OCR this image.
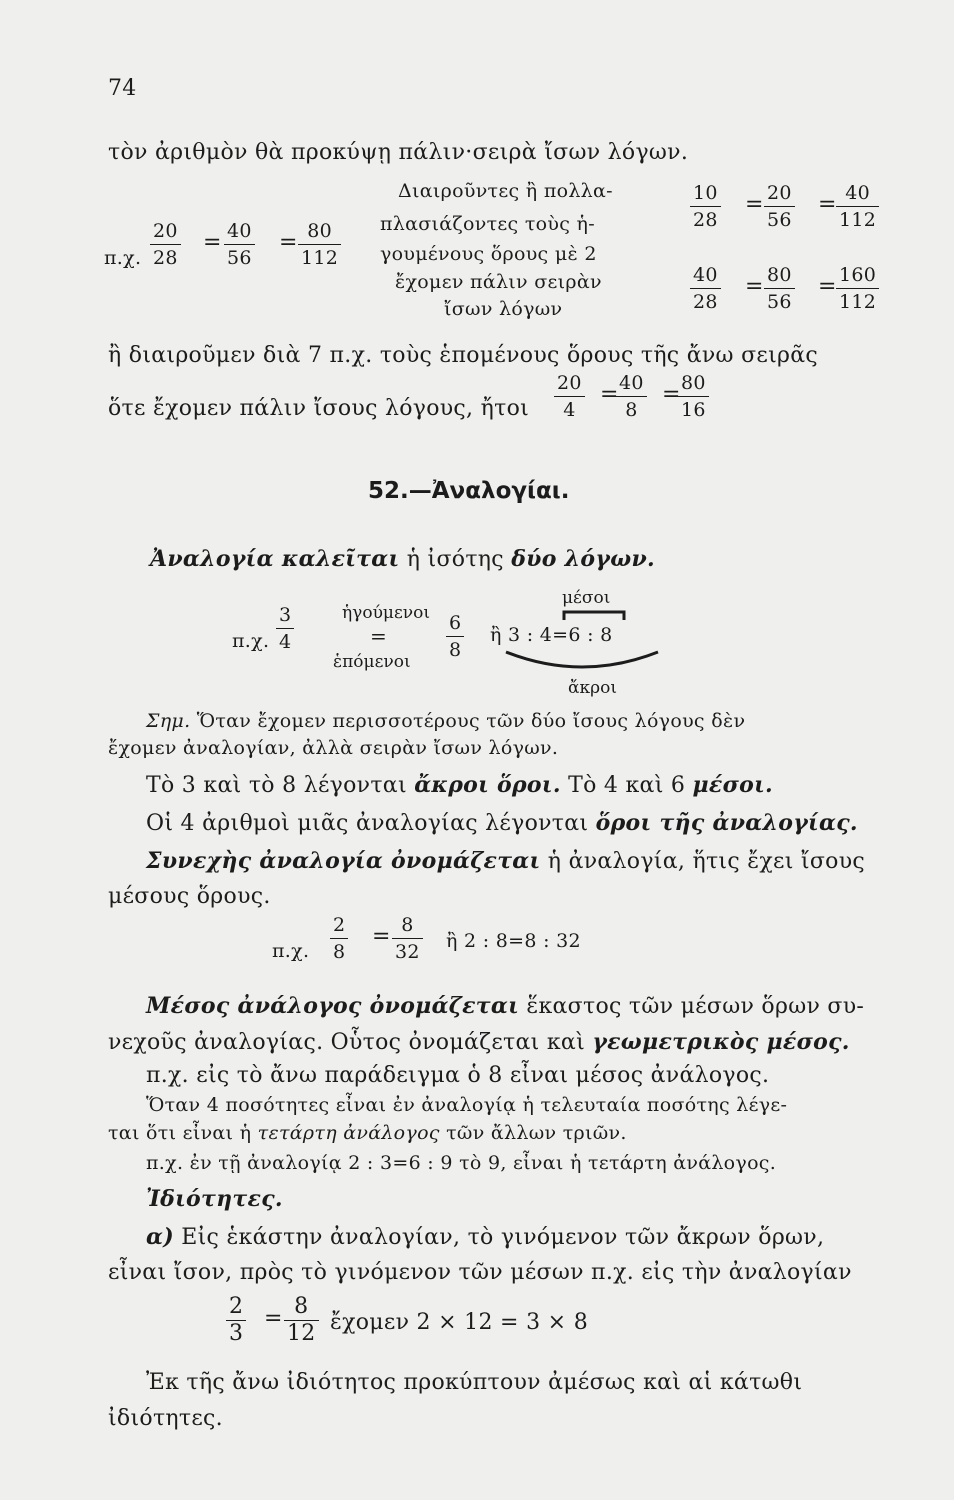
74
τὸν ἀριθμὸν θὰ προκύψῃ πάλιν·σειρὰ ἴσων λόγων.
π.χ. $\frac{20}{28} = \frac{40}{56} = \frac{80}{112}$
Διαιροῦντες ἢ πολλα-
πλασιάζοντες τοὺς ἡ-
γουμένους ὅρους μὲ 2
ἔχομεν πάλιν σειρὰν
ἴσων λόγων
$\frac{10}{28} = \frac{20}{56} = \frac{40}{112}$
$\frac{40}{28} = \frac{80}{56} = \frac{160}{112}$
ἢ διαιροῦμεν διὰ 7 π.χ. τοὺς ἑπομένους ὅρους τῆς ἄνω σειρᾶς
ὅτε ἔχομεν πάλιν ἴσους λόγους, ἤτοι $\frac{20}{4}$ =
$\frac{40}{8}$ =
$\frac{80}{16}$
52.—Ἀναλογίαι.
Ἀναλογία καλεῖται ἡ ἰσότης δύο λόγων.
π.χ. $\frac{3}{4}$	ἡγούμενοι
=
ἑπόμενοι $\frac{6}{8}$
μέσοι
ἢ 3 : 4=6 : 8
ἄκροι
Σημ. Ὅταν ἔχομεν περισσοτέρους τῶν δύο ἴσους λόγους δὲν
ἔχομεν ἀναλογίαν, ἀλλὰ σειρὰν ἴσων λόγων.
Τὸ 3 καὶ τὸ 8 λέγονται ἄκροι ὅροι. Τὸ 4 καὶ 6 μέσοι.
Οἱ 4 ἀριθμοὶ μιᾶς ἀναλογίας λέγονται ὅροι τῆς ἀναλογίας.
Συνεχὴς ἀναλογία ὀνομάζεται ἡ ἀναλογία, ἥτις ἔχει ἴσους
μέσους ὅρους.
π.χ. $\frac{2}{8} = \frac{8}{32}$ ἢ 2 : 8=8 : 32
Μέσος ἀνάλογος ὀνομάζεται ἕκαστος τῶν μέσων ὅρων συ-
νεχοῦς ἀναλογίας. Οὗτος ὀνομάζεται καὶ γεωμετρικὸς μέσος.
π.χ. εἰς τὸ ἄνω παράδειγμα ὁ 8 εἶναι μέσος ἀνάλογος.
Ὅταν 4 ποσότητες εἶναι ἐν ἀναλογίᾳ ἡ τελευταία ποσότης λέγε-
ται ὅτι εἶναι ἡ τετάρτη ἀνάλογος τῶν ἄλλων τριῶν.
π.χ. ἐν τῇ ἀναλογίᾳ 2 : 3=6 : 9 τὸ 9, εἶναι ἡ τετάρτη ἀνάλογος.
Ἰδιότητες.
α) Εἰς ἑκάστην ἀναλογίαν, τὸ γινόμενον τῶν ἄκρων ὅρων,
εἶναι ἴσον, πρὸς τὸ γινόμενον τῶν μέσων π.χ. εἰς τὴν ἀναλογίαν
$\frac{2}{3} = \frac{8}{12}$ ἔχομεν 2 × 12 = 3 × 8
Ἐκ τῆς ἄνω ἰδιότητος προκύπτουν ἀμέσως καὶ αἱ κάτωθι
ἰδιότητες.
